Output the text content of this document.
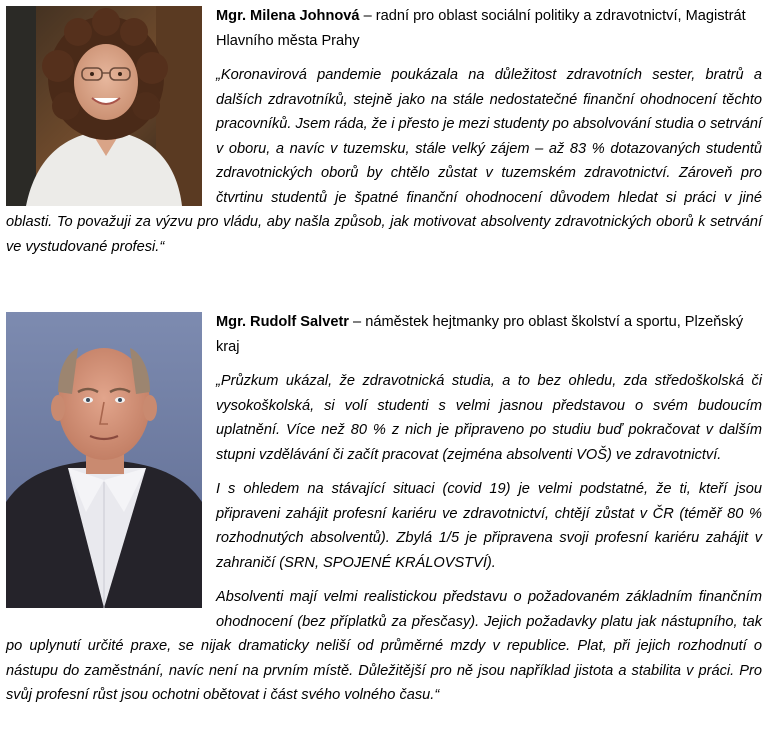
Mgr. Milena Johnová – radní pro oblast sociální politiky a zdravotnictví, Magistrát Hlavního města Prahy

„Koronavirová pandemie poukázala na důležitost zdravotních sester, bratrů a dalších zdravotníků, stejně jako na stále nedostatečné finanční ohodnocení těchto pracovníků. Jsem ráda, že i přesto je mezi studenty po absolvování studia o setrvání v oboru, a navíc v tuzemsku, stále velký zájem – až 83 % dotazovaných studentů zdravotnických oborů by chtělo zůstat v tuzemském zdravotnictví. Zároveň pro čtvrtinu studentů je špatné finanční ohodnocení důvodem hledat si práci v jiné oblasti. To považuji za výzvu pro vládu, aby našla způsob, jak motivovat absolventy zdravotnických oborů k setrvání ve vystudované profesi.“

Mgr. Rudolf Salvetr – náměstek hejtmanky pro oblast školství a sportu, Plzeňský kraj

„Průzkum ukázal, že zdravotnická studia, a to bez ohledu, zda středoškolská či vysokoškolská, si volí studenti s velmi jasnou představou o svém budoucím uplatnění. Více než 80 % z nich je připraveno po studiu buď pokračovat v dalším stupni vzdělávání či začít pracovat (zejména absolventi VOŠ) ve zdravotnictví.

I s ohledem na stávající situaci (covid 19) je velmi podstatné, že ti, kteří jsou připraveni zahájit profesní kariéru ve zdravotnictví, chtějí zůstat v ČR (téměř 80 % rozhodnutých absolventů). Zbylá 1/5 je připravena svoji profesní kariéru zahájit v zahraničí (SRN, SPOJENÉ KRÁLOVSTVÍ).

Absolventi mají velmi realistickou představu o požadovaném základním finančním ohodnocení (bez příplatků za přesčasy). Jejich požadavky platu jak nástupního, tak po uplynutí určité praxe, se nijak dramaticky neliší od průměrné mzdy v republice. Plat, při jejich rozhodnutí o nástupu do zaměstnání, navíc není na prvním místě. Důležitější pro ně jsou například jistota a stabilita v práci. Pro svůj profesní růst jsou ochotni obětovat i část svého volného času.“
